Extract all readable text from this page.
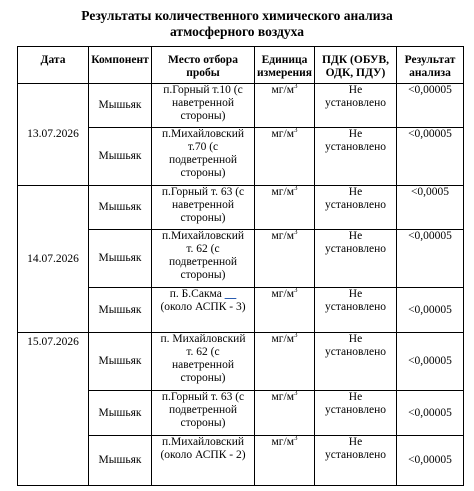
Результаты количественного химического анализа
атмосферного воздуха
Дата	Компонент	Место отбора
пробы	Единица
измерения	ПДК (ОБУВ,
ОДК, ПДУ)	Результат
анализа
13.07.2026	Мышьяк	п.Горный т.10 (с
наветренной
стороны)	$мг/м^3$	Не
установлено	<0,00005
	Мышьяк	п.Михайловский
т.70 (с
подветренной
стороны)	$мг/м^3$	Не
установлено	<0,00005
14.07.2026	Мышьяк	п.Горный т. 63 (с
наветренной
стороны)	$мг/м^3$	Не
установлено	<0,0005
	Мышьяк	п.Михайловский
т. 62 (с
подветренной
стороны)	$мг/м^3$	Не
установлено	<0,00005
	Мышьяк	п. Б.Сакма __
(около АСПК - 3)	$мг/м^3$	Не
установлено	<0,00005
15.07.2026	Мышьяк	п. Михайловский
т. 62 (с
наветренной
стороны)	$мг/м^3$	Не
установлено	<0,00005
	Мышьяк	п.Горный т. 63 (с
подветренной
стороны)	$мг/м^3$	Не
установлено	<0,00005
	Мышьяк	п.Михайловский
(около АСПК - 2)	$мг/м^3$	Не
установлено	<0,00005
